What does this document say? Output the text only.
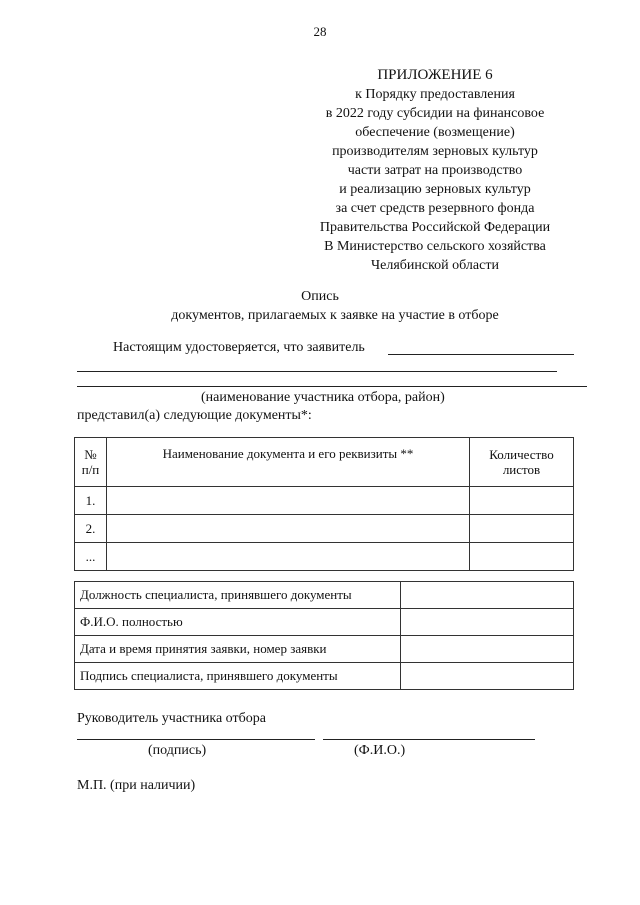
28
ПРИЛОЖЕНИЕ 6
к Порядку предоставления
в 2022 году субсидии на финансовое
обеспечение (возмещение)
производителям зерновых культур
части затрат на производство
и реализацию зерновых культур
за счет средств резервного фонда
Правительства Российской Федерации
В Министерство сельского хозяйства
Челябинской области
Опись
документов, прилагаемых к заявке на участие в отборе
Настоящим удостоверяется, что заявитель
(наименование участника отбора, район)
представил(а) следующие документы*:
№ п/п	Наименование документа и его реквизиты **	Количество листов

1.		
2.		
...		
Должность специалиста, принявшего документы	
Ф.И.О. полностью	
Дата и время принятия заявки, номер заявки	
Подпись специалиста, принявшего документы	
Руководитель участника отбора
(подпись)	(Ф.И.О.)
М.П. (при наличии)
